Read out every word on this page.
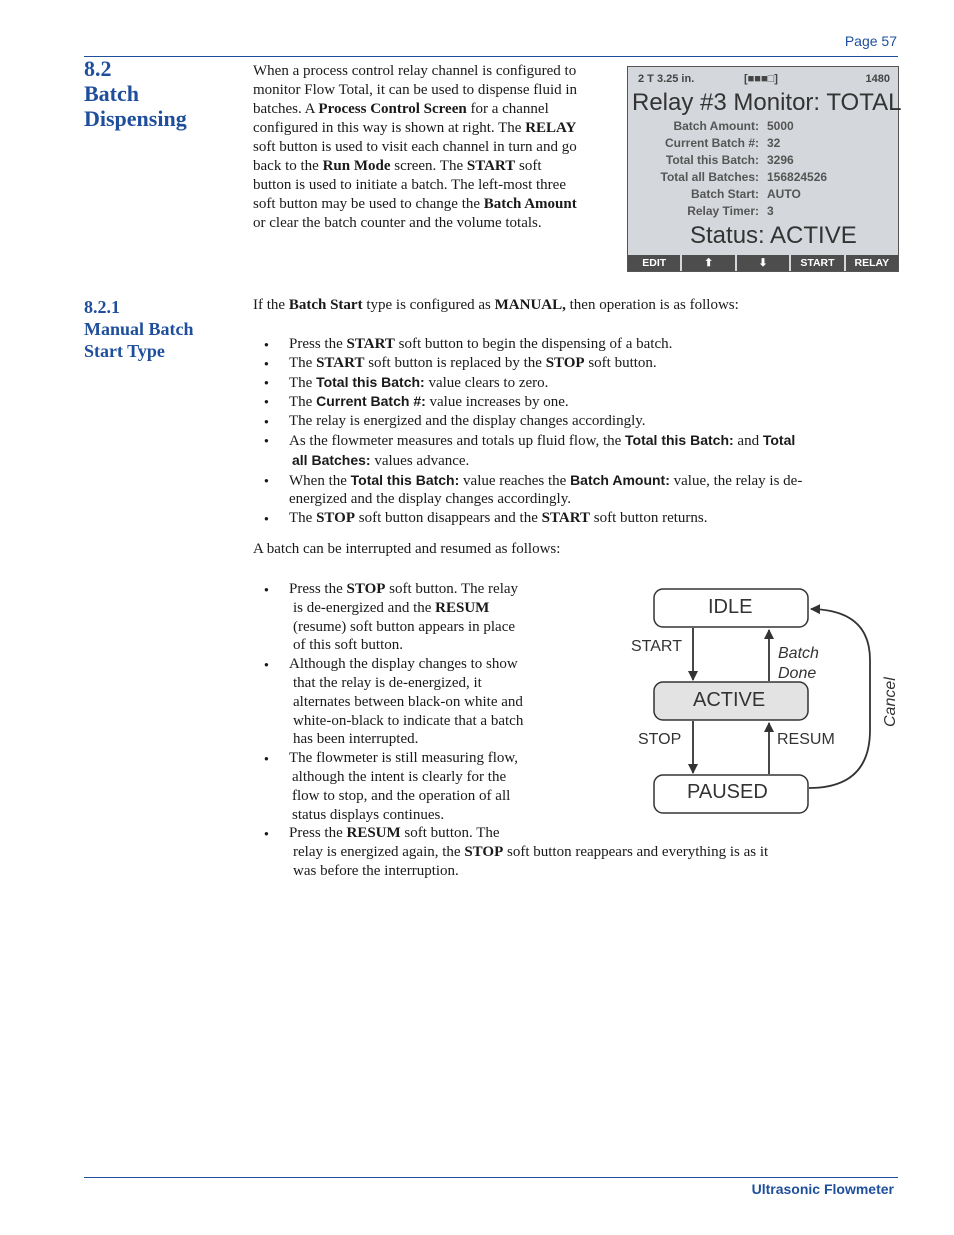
Page 57
8.2
Batch
Dispensing
When a process control relay channel is configured to monitor Flow Total, it can be used to dispense fluid in batches. A Process Control Screen for a channel configured in this way is shown at right. The RELAY soft button is used to visit each channel in turn and go back to the Run Mode screen. The START soft button is used to initiate a batch. The left-most three soft button may be used to change the Batch Amount or clear the batch counter and the volume totals.
2 T 3.25 in.	[■■■□]	1480
Relay #3 Monitor: TOTAL
Batch Amount: 5000
Current Batch #: 32
Total this Batch: 3296
Total all Batches: 156824526
Batch Start: AUTO
Relay Timer: 3
Status: ACTIVE
EDIT	⬆	⬇	START	RELAY
8.2.1
Manual Batch
Start Type
If the Batch Start type is configured as MANUAL, then operation is as follows:
● Press the START soft button to begin the dispensing of a batch.
● The START soft button is replaced by the STOP soft button.
● The Total this Batch: value clears to zero.
● The Current Batch #: value increases by one.
● The relay is energized and the display changes accordingly.
● As the flowmeter measures and totals up fluid flow, the Total this Batch: and Total
all Batches: values advance.
● When the Total this Batch: value reaches the Batch Amount: value, the relay is de-
energized and the display changes accordingly.
● The STOP soft button disappears and the START soft button returns.
A batch can be interrupted and resumed as follows:
● Press the STOP soft button. The relay
is de-energized and the RESUM
(resume) soft button appears in place
of this soft button.
● Although the display changes to show
that the relay is de-energized, it
alternates between black-on white and
white-on-black to indicate that a batch
has been interrupted.
● The flowmeter is still measuring flow,
although the intent is clearly for the
flow to stop, and the operation of all
status displays continues.
● Press the RESUM soft button. The
relay is energized again, the STOP soft button reappears and everything is as it
was before the interruption.
IDLE
ACTIVE
PAUSED
START	Batch
Done
STOP	RESUM
Cancel
Ultrasonic Flowmeter
